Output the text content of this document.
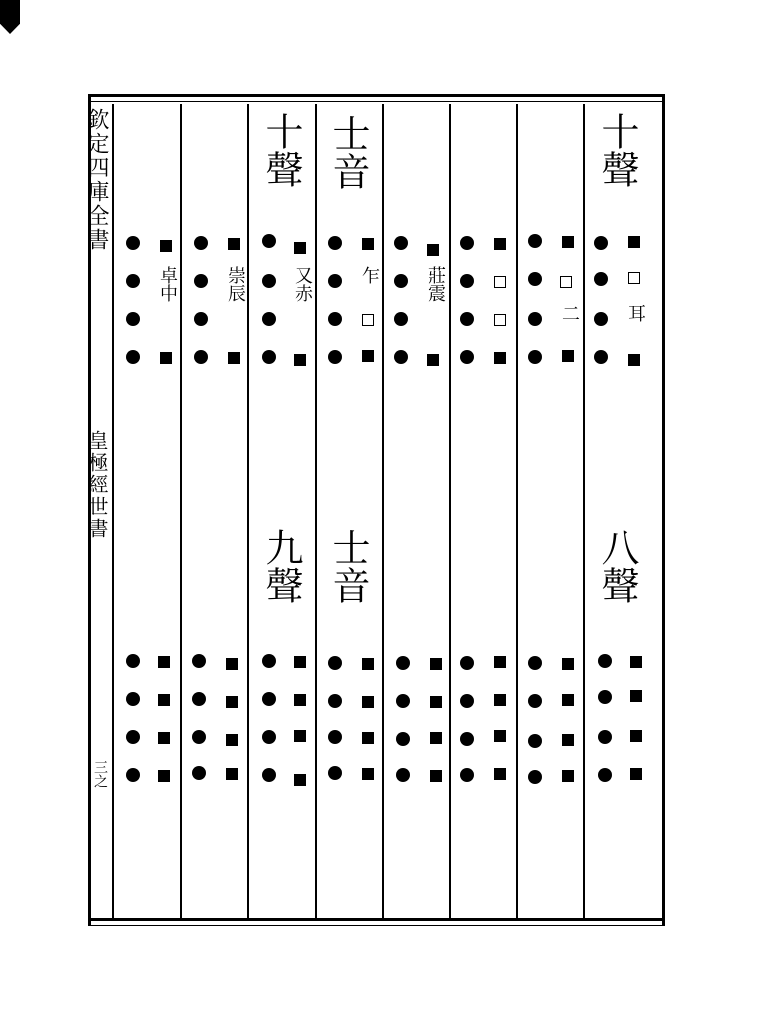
欽定四庫全書
皇極經世書
三之
十聲
八聲
耳
二
莊震
士音
士音
乍
十聲
九聲
又赤
崇辰
卓中
